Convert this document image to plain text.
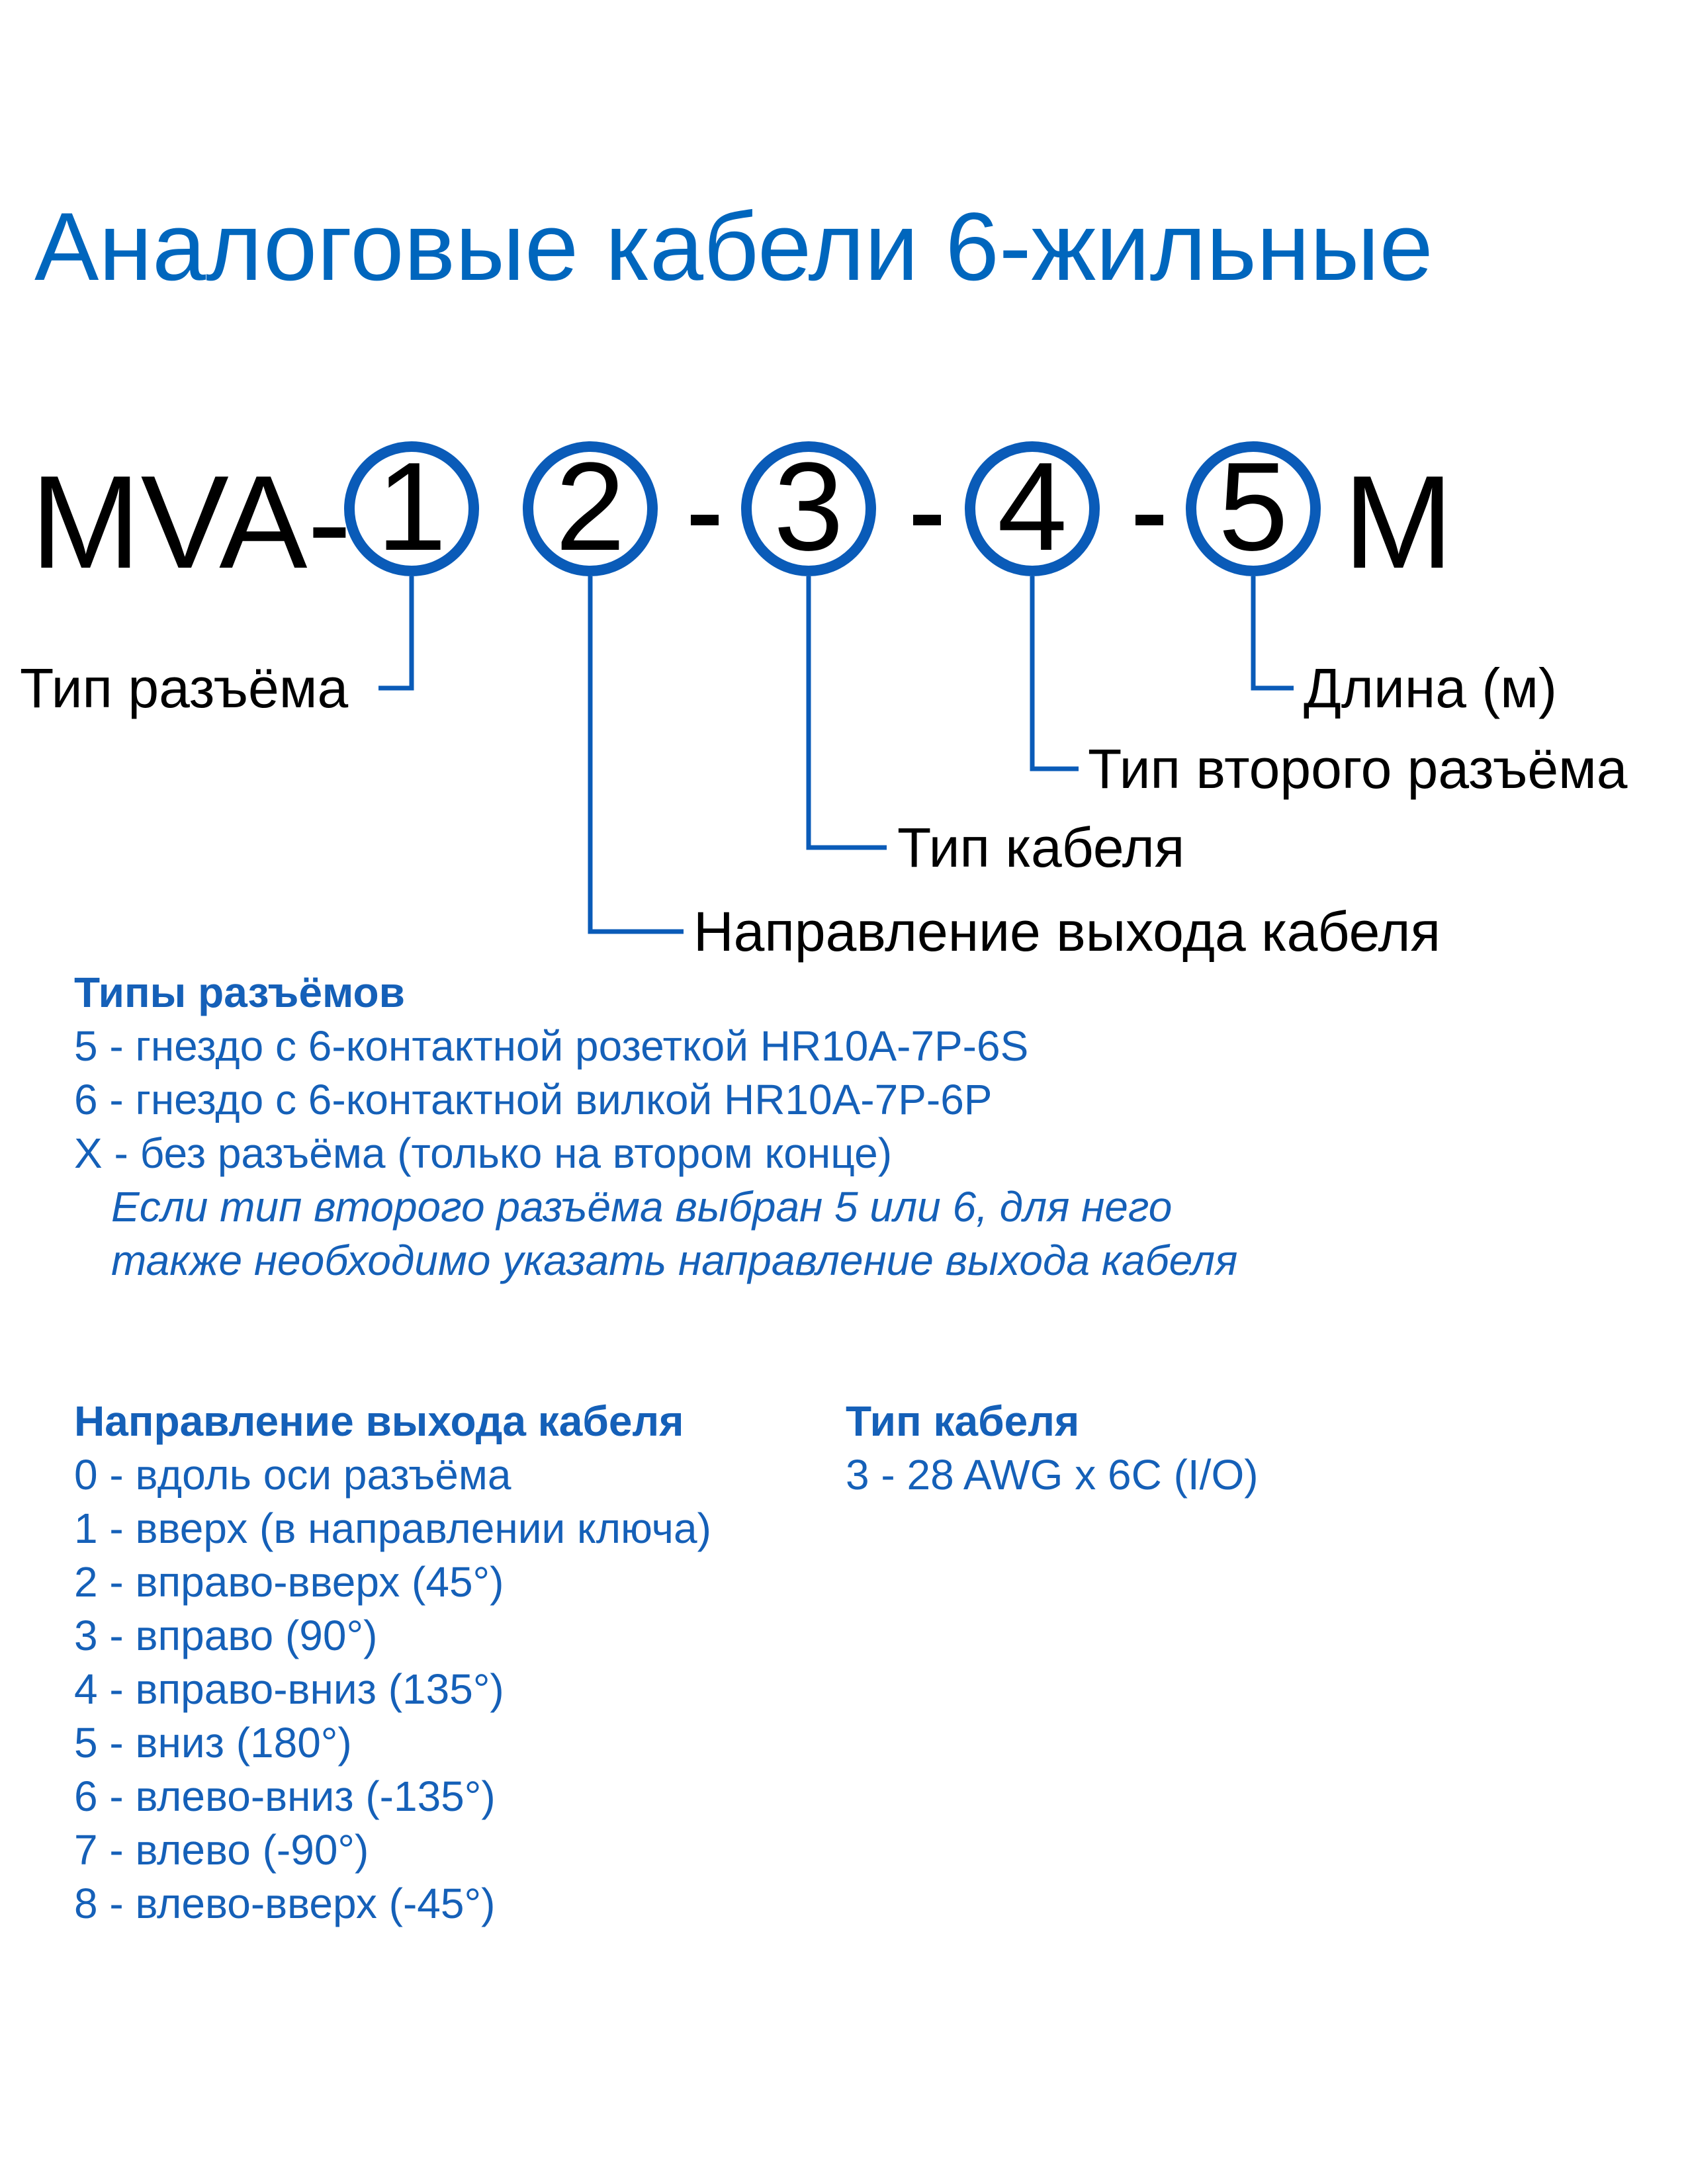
Аналоговые кабели 6-жильные
MVA- 1 2 3 4 5 M
Тип разъёма
Направление выхода кабеля
Тип кабеля
Тип второго разъёма
Длина (м)
Типы разъёмов
5 - гнездо с 6-контактной розеткой HR10A-7P-6S
6 - гнездо с 6-контактной вилкой HR10A-7P-6P
X - без разъёма (только на втором конце)
Если тип второго разъёма выбран 5 или 6, для него
также необходимо указать направление выхода кабеля
Направление выхода кабеля
0 - вдоль оси разъёма
1 - вверх (в направлении ключа)
2 - вправо-вверх (45°)
3 - вправо (90°)
4 - вправо-вниз (135°)
5 - вниз (180°)
6 - влево-вниз (-135°)
7 - влево (-90°)
8 - влево-вверх (-45°)
Тип кабеля
3 - 28 AWG x 6C (I/O)
